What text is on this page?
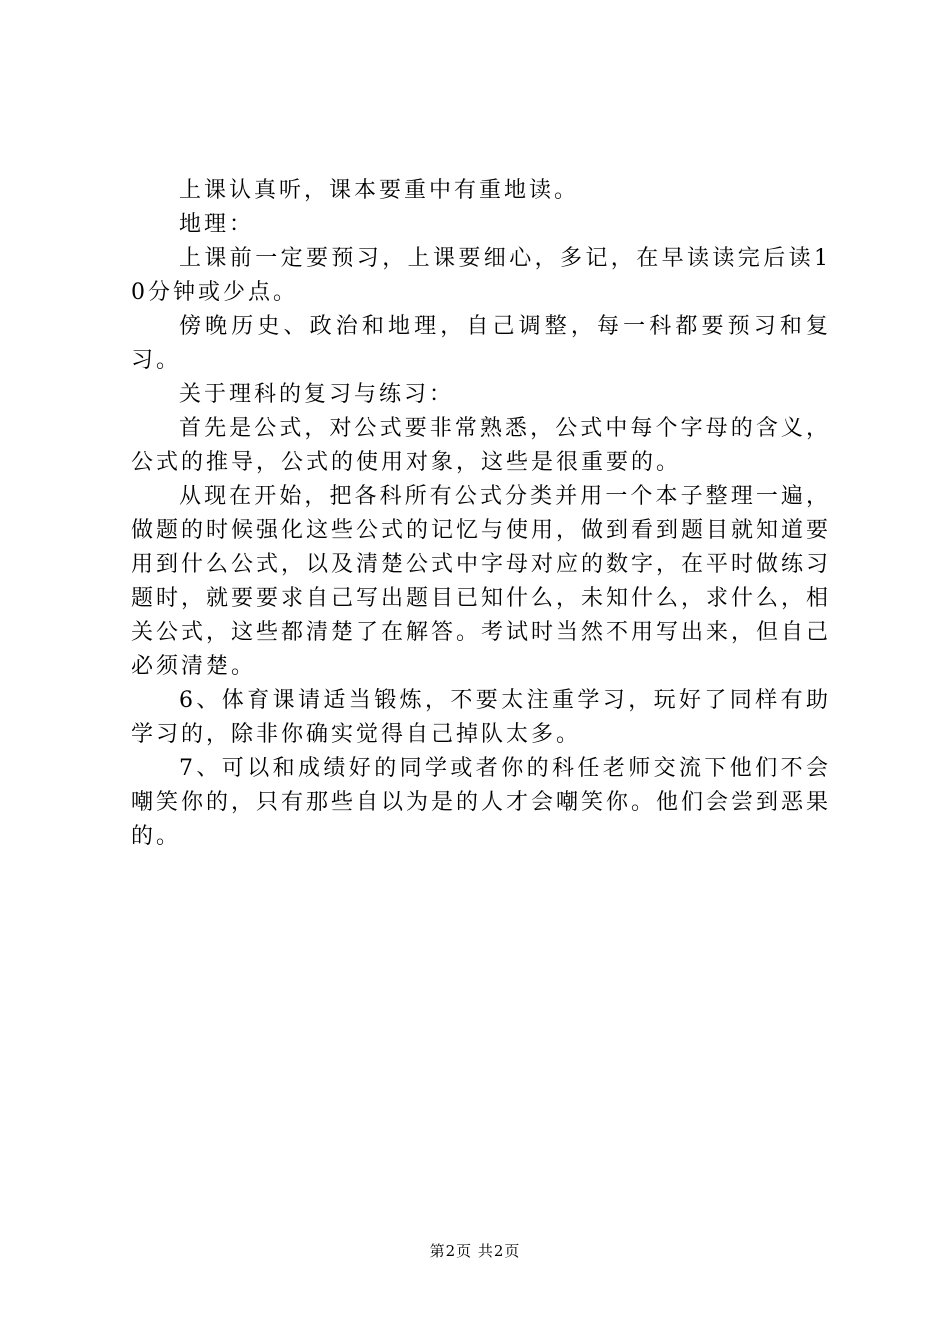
上课认真听，课本要重中有重地读。

地理：

上课前一定要预习，上课要细心，多记，在早读读完后读10分钟或少点。

傍晚历史、政治和地理，自己调整，每一科都要预习和复习。

关于理科的复习与练习：

首先是公式，对公式要非常熟悉，公式中每个字母的含义，公式的推导，公式的使用对象，这些是很重要的。

从现在开始，把各科所有公式分类并用一个本子整理一遍，做题的时候强化这些公式的记忆与使用，做到看到题目就知道要用到什么公式，以及清楚公式中字母对应的数字，在平时做练习题时，就要要求自己写出题目已知什么，未知什么，求什么，相关公式，这些都清楚了在解答。考试时当然不用写出来，但自己必须清楚。

6、体育课请适当锻炼，不要太注重学习，玩好了同样有助学习的，除非你确实觉得自己掉队太多。

7、可以和成绩好的同学或者你的科任老师交流下他们不会嘲笑你的，只有那些自以为是的人才会嘲笑你。他们会尝到恶果的。

第2页 共2页
